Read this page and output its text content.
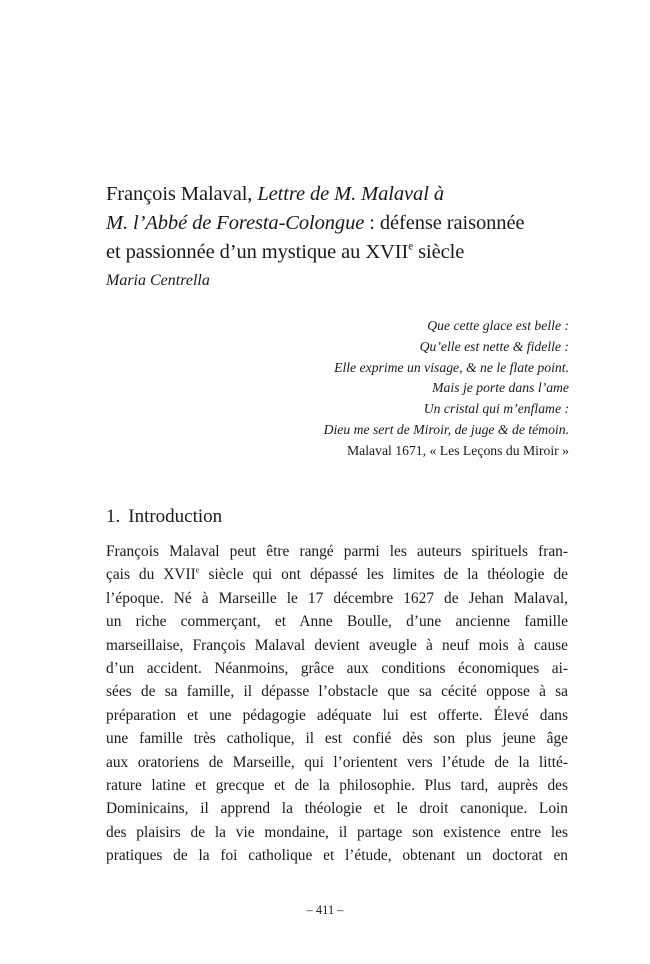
François Malaval, Lettre de M. Malaval à
M. l’Abbé de Foresta-Colongue : défense raisonnée
et passionnée d’un mystique au XVIIe siècle
Maria Centrella
Que cette glace est belle :
Qu’elle est nette & fidelle :
Elle exprime un visage, & ne le flate point.
Mais je porte dans l’ame
Un cristal qui m’enflame :
Dieu me sert de Miroir, de juge & de témoin.
Malaval 1671, « Les Leçons du Miroir »
1. Introduction
François Malaval peut être rangé parmi les auteurs spirituels fran-
çais du XVIIe siècle qui ont dépassé les limites de la théologie de
l’époque. Né à Marseille le 17 décembre 1627 de Jehan Malaval,
un riche commerçant, et Anne Boulle, d’une ancienne famille
marseillaise, François Malaval devient aveugle à neuf mois à cause
d’un accident. Néanmoins, grâce aux conditions économiques ai-
sées de sa famille, il dépasse l’obstacle que sa cécité oppose à sa
préparation et une pédagogie adéquate lui est offerte. Élevé dans
une famille très catholique, il est confié dès son plus jeune âge
aux oratoriens de Marseille, qui l’orientent vers l’étude de la litté-
rature latine et grecque et de la philosophie. Plus tard, auprès des
Dominicains, il apprend la théologie et le droit canonique. Loin
des plaisirs de la vie mondaine, il partage son existence entre les
pratiques de la foi catholique et l’étude, obtenant un doctorat en
– 411 –
